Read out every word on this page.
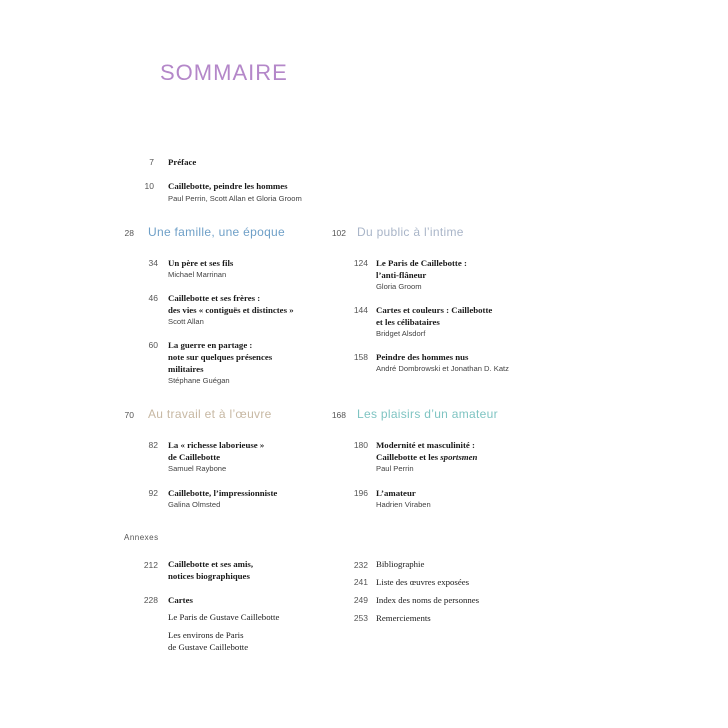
SOMMAIRE
7 Préface
10 Caillebotte, peindre les hommes
Paul Perrin, Scott Allan et Gloria Groom
28 Une famille, une époque	102 Du public à l’intime
34 Un père et ses fils
Michael Marrinan
46 Caillebotte et ses frères :
des vies « contiguës et distinctes »
Scott Allan
60 La guerre en partage :
note sur quelques présences
militaires
Stéphane Guégan
124 Le Paris de Caillebotte :
l’anti-flâneur
Gloria Groom
144 Cartes et couleurs : Caillebotte
et les célibataires
Bridget Alsdorf
158 Peindre des hommes nus
André Dombrowski et Jonathan D. Katz
70 Au travail et à l’œuvre	168 Les plaisirs d’un amateur
82 La « richesse laborieuse »
de Caillebotte
Samuel Raybone
92 Caillebotte, l’impressionniste
Galina Olmsted
180 Modernité et masculinité :
Caillebotte et les sportsmen
Paul Perrin
196 L’amateur
Hadrien Viraben
Annexes
212 Caillebotte et ses amis,
notices biographiques
228 Cartes
Le Paris de Gustave Caillebotte
Les environs de Paris
de Gustave Caillebotte
232 Bibliographie
241 Liste des œuvres exposées
249 Index des noms de personnes
253 Remerciements
